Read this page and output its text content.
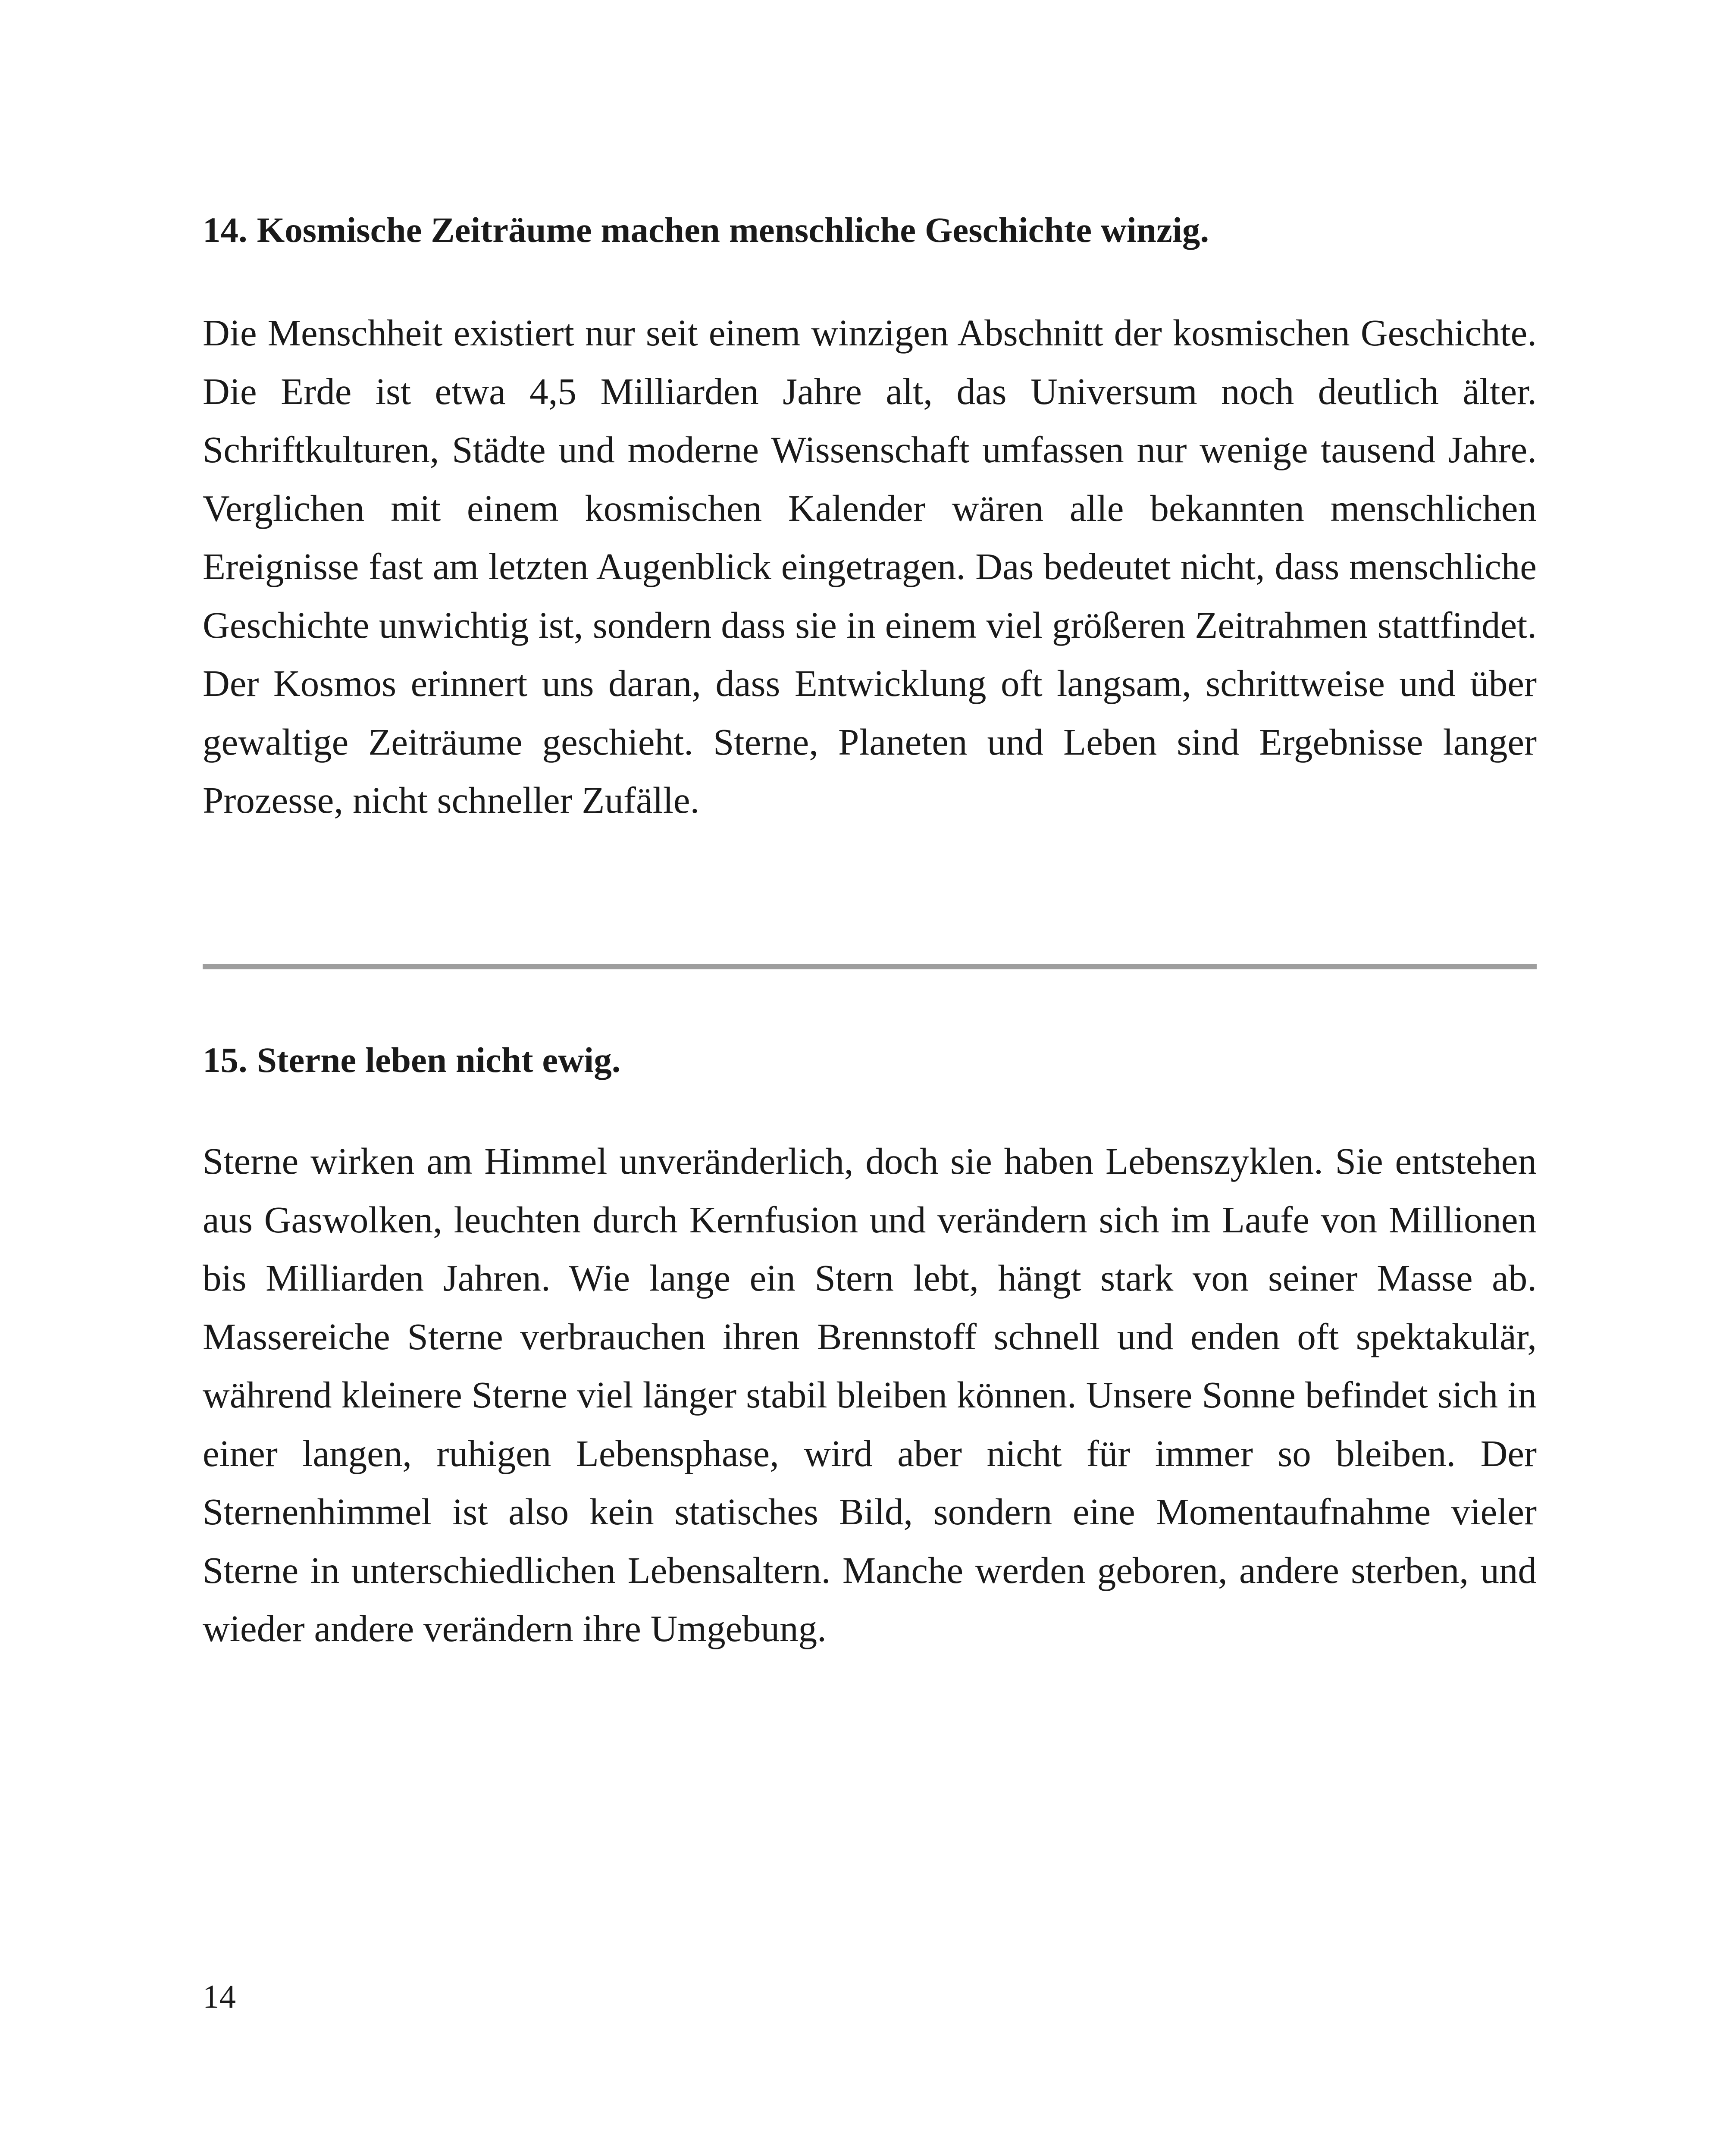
14. Kosmische Zeiträume machen menschliche Geschichte winzig.

Die Menschheit existiert nur seit einem winzigen Abschnitt der kosmischen Geschichte. Die Erde ist etwa 4,5 Milliarden Jahre alt, das Universum noch deutlich älter. Schriftkulturen, Städte und moderne Wissenschaft umfassen nur wenige tausend Jahre. Verglichen mit einem kosmischen Kalender wären alle bekannten menschlichen Ereignisse fast am letzten Augenblick eingetragen. Das bedeutet nicht, dass menschliche Geschichte unwichtig ist, sondern dass sie in einem viel größeren Zeitrahmen stattfindet. Der Kosmos erinnert uns daran, dass Entwicklung oft langsam, schrittweise und über gewaltige Zeiträume geschieht. Sterne, Planeten und Leben sind Ergebnisse langer Prozesse, nicht schneller Zufälle.

15. Sterne leben nicht ewig.

Sterne wirken am Himmel unveränderlich, doch sie haben Lebenszyklen. Sie entstehen aus Gaswolken, leuchten durch Kernfusion und verändern sich im Laufe von Millionen bis Milliarden Jahren. Wie lange ein Stern lebt, hängt stark von seiner Masse ab. Massereiche Sterne verbrauchen ihren Brennstoff schnell und enden oft spektakulär, während kleinere Sterne viel länger stabil bleiben können. Unsere Sonne befindet sich in einer langen, ruhigen Lebensphase, wird aber nicht für immer so bleiben. Der Sternenhimmel ist also kein statisches Bild, sondern eine Momentaufnahme vieler Sterne in unterschiedlichen Lebensaltern. Manche werden geboren, andere sterben, und wieder andere verändern ihre Umgebung.

14
